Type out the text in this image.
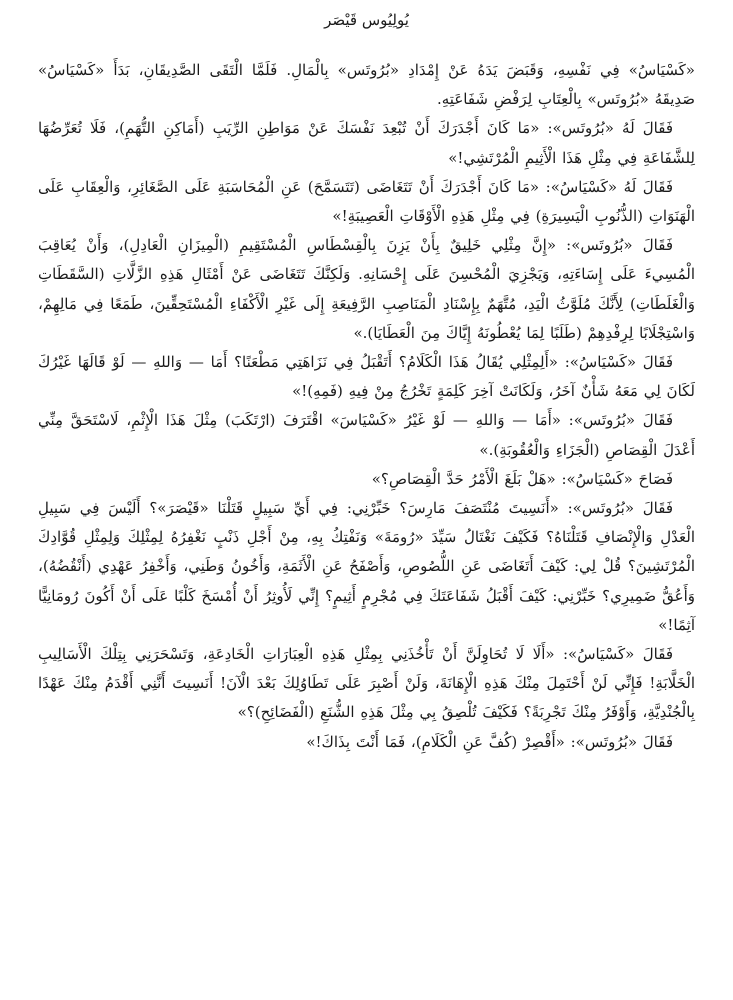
يُولِيُوس قَيْصَر

«كَسْيَاسُ» فِي نَفْسِهِ، وَقَبَضَ يَدَهُ عَنْ إِمْدَادِ «بُرُوتَس» بِالْمَالِ. فَلَمَّا الْتَقَى الصَّدِيقَانِ، بَدَأَ «كَسْيَاسُ» صَدِيقَهُ «بُرُوتَس» بِالْعِتَابِ لِرَفْضِ شَفَاعَتِهِ.

فَقَالَ لَهُ «بُرُوتَس»: «مَا كَانَ أَجْدَرَكَ أَنْ تُبْعِدَ نَفْسَكَ عَنْ مَوَاطِنِ الرِّيَبِ (أَمَاكِنِ التُّهَمِ)، فَلَا تُعَرِّضُهَا لِلشَّفَاعَةِ فِي مِثْلِ هَذَا الْأَثِيمِ الْمُرْتَشِي!»

فَقَالَ لَهُ «كَسْيَاسُ»: «مَا كَانَ أَجْدَرَكَ أَنْ تَتَغَاضَى (تَتَسَمَّحَ) عَنِ الْمُحَاسَبَةِ عَلَى الصَّغَائِرِ، وَالْعِقَابِ عَلَى الْهَنَوَاتِ (الذُّنُوبِ الْيَسِيرَةِ) فِي مِثْلِ هَذِهِ الْأَوْقَاتِ الْعَصِيبَةِ!»

فَقَالَ «بُرُوتَس»: «إِنَّ مِثْلِي خَلِيقٌ بِأَنْ يَزِنَ بِالْقِسْطَاسِ الْمُسْتَقِيمِ (الْمِيزَانِ الْعَادِلِ)، وَأَنْ يُعَاقِبَ الْمُسِيءَ عَلَى إِسَاءَتِهِ، وَيَجْزِيَ الْمُحْسِنَ عَلَى إِحْسَانِهِ. وَلَكِنَّكَ تَتَغَاضَى عَنْ أَمْثَالِ هَذِهِ الزَّلَّاتِ (السَّقَطَاتِ وَالْغَلَطَاتِ) لِأَنَّكَ مُلَوَّثُ الْيَدِ، مُتَّهَمٌ بِإِسْنَادِ الْمَنَاصِبِ الرَّفِيعَةِ إِلَى غَيْرِ الْأَكْفَاءِ الْمُسْتَحِقِّينَ، طَمَعًا فِي مَالِهِمْ، وَاسْتِجْلَابًا لِرِفْدِهِمْ (طَلَبًا لِمَا يُعْطُونَهُ إِيَّاكَ مِنَ الْعَطَايَا).»

فَقَالَ «كَسْيَاسُ»: «أَلِمِثْلِي يُقَالُ هَذَا الْكَلَامُ؟ أَتَقْبَلُ فِي نَزَاهَتِي مَطْعَنًا؟ أَمَا — وَاللهِ — لَوْ قَالَهَا غَيْرُكَ لَكَانَ لِي مَعَهُ شَأْنٌ آخَرُ، وَلَكَانَتْ آخِرَ كَلِمَةٍ تَخْرُجُ مِنْ فِيهِ (فَمِهِ)!»

فَقَالَ «بُرُوتَس»: «أَمَا — وَاللهِ — لَوْ غَيْرُ «كَسْيَاسَ» اقْتَرَفَ (ارْتَكَبَ) مِثْلَ هَذَا الْإِثْمِ، لَاسْتَحَقَّ مِنِّي أَعْدَلَ الْقِصَاصِ (الْجَزَاءِ وَالْعُقُوبَةِ).»

فَصَاحَ «كَسْيَاسُ»: «هَلْ بَلَغَ الْأَمْرُ حَدَّ الْقِصَاصِ؟»

فَقَالَ «بُرُوتَس»: «أَنَسِيتَ مُنْتَصَفَ مَارِسَ؟ خَبِّرْنِي: فِي أَيِّ سَبِيلٍ قَتَلْنَا «قَيْصَرَ»؟ أَلَيْسَ فِي سَبِيلِ الْعَدْلِ وَالْإِنْصَافِ قَتَلْنَاهُ؟ فَكَيْفَ نَغْتَالُ سَيِّدَ «رُومَةَ» وَنَفْتِكُ بِهِ، مِنْ أَجْلِ ذَنْبٍ نَغْفِرُهُ لِمِثْلِكَ وَلِمِثْلِ قُوَّادِكَ الْمُرْتَشِينَ؟ قُلْ لِي: كَيْفَ أَتَغَاضَى عَنِ اللُّصُوصِ، وَأَصْفَحُ عَنِ الْأَثَمَةِ، وَأَخُونُ وَطَنِي، وَأَخْفِرُ عَهْدِي (أَنْقُضُهُ)، وَأَعُقُّ ضَمِيرِي؟ خَبِّرْنِي: كَيْفَ أَقْبَلُ شَفَاعَتَكَ فِي مُجْرِمٍ أَثِيمٍ؟ إِنِّي لَأُوثِرُ أَنْ أُمْسَخَ كَلْبًا عَلَى أَنْ أَكُونَ رُومَانِيًّا آثِمًا!»

فَقَالَ «كَسْيَاسُ»: «أَلَا لَا تُحَاوِلَنَّ أَنْ تَأْخُذَنِي بِمِثْلِ هَذِهِ الْعِبَارَاتِ الْخَادِعَةِ، وَتَسْحَرَنِي بِتِلْكَ الْأَسَالِيبِ الْخَلَّابَةِ! فَإِنِّي لَنْ أَحْتَمِلَ مِنْكَ هَذِهِ الْإِهَانَةَ، وَلَنْ أَصْبِرَ عَلَى تَطَاوُلِكَ بَعْدَ الْآنَ! أَنَسِيتَ أَنَّنِي أَقْدَمُ مِنْكَ عَهْدًا بِالْجُنْدِيَّةِ، وَأَوْفَرُ مِنْكَ تَجْرِبَةً؟ فَكَيْفَ تُلْصِقُ بِي مِثْلَ هَذِهِ الشُّنَعِ (الْفَضَائِحِ)؟»

فَقَالَ «بُرُوتَس»: «أَقْصِرْ (كُفَّ عَنِ الْكَلَامِ)، فَمَا أَنْتَ بِذَاكَ!»
